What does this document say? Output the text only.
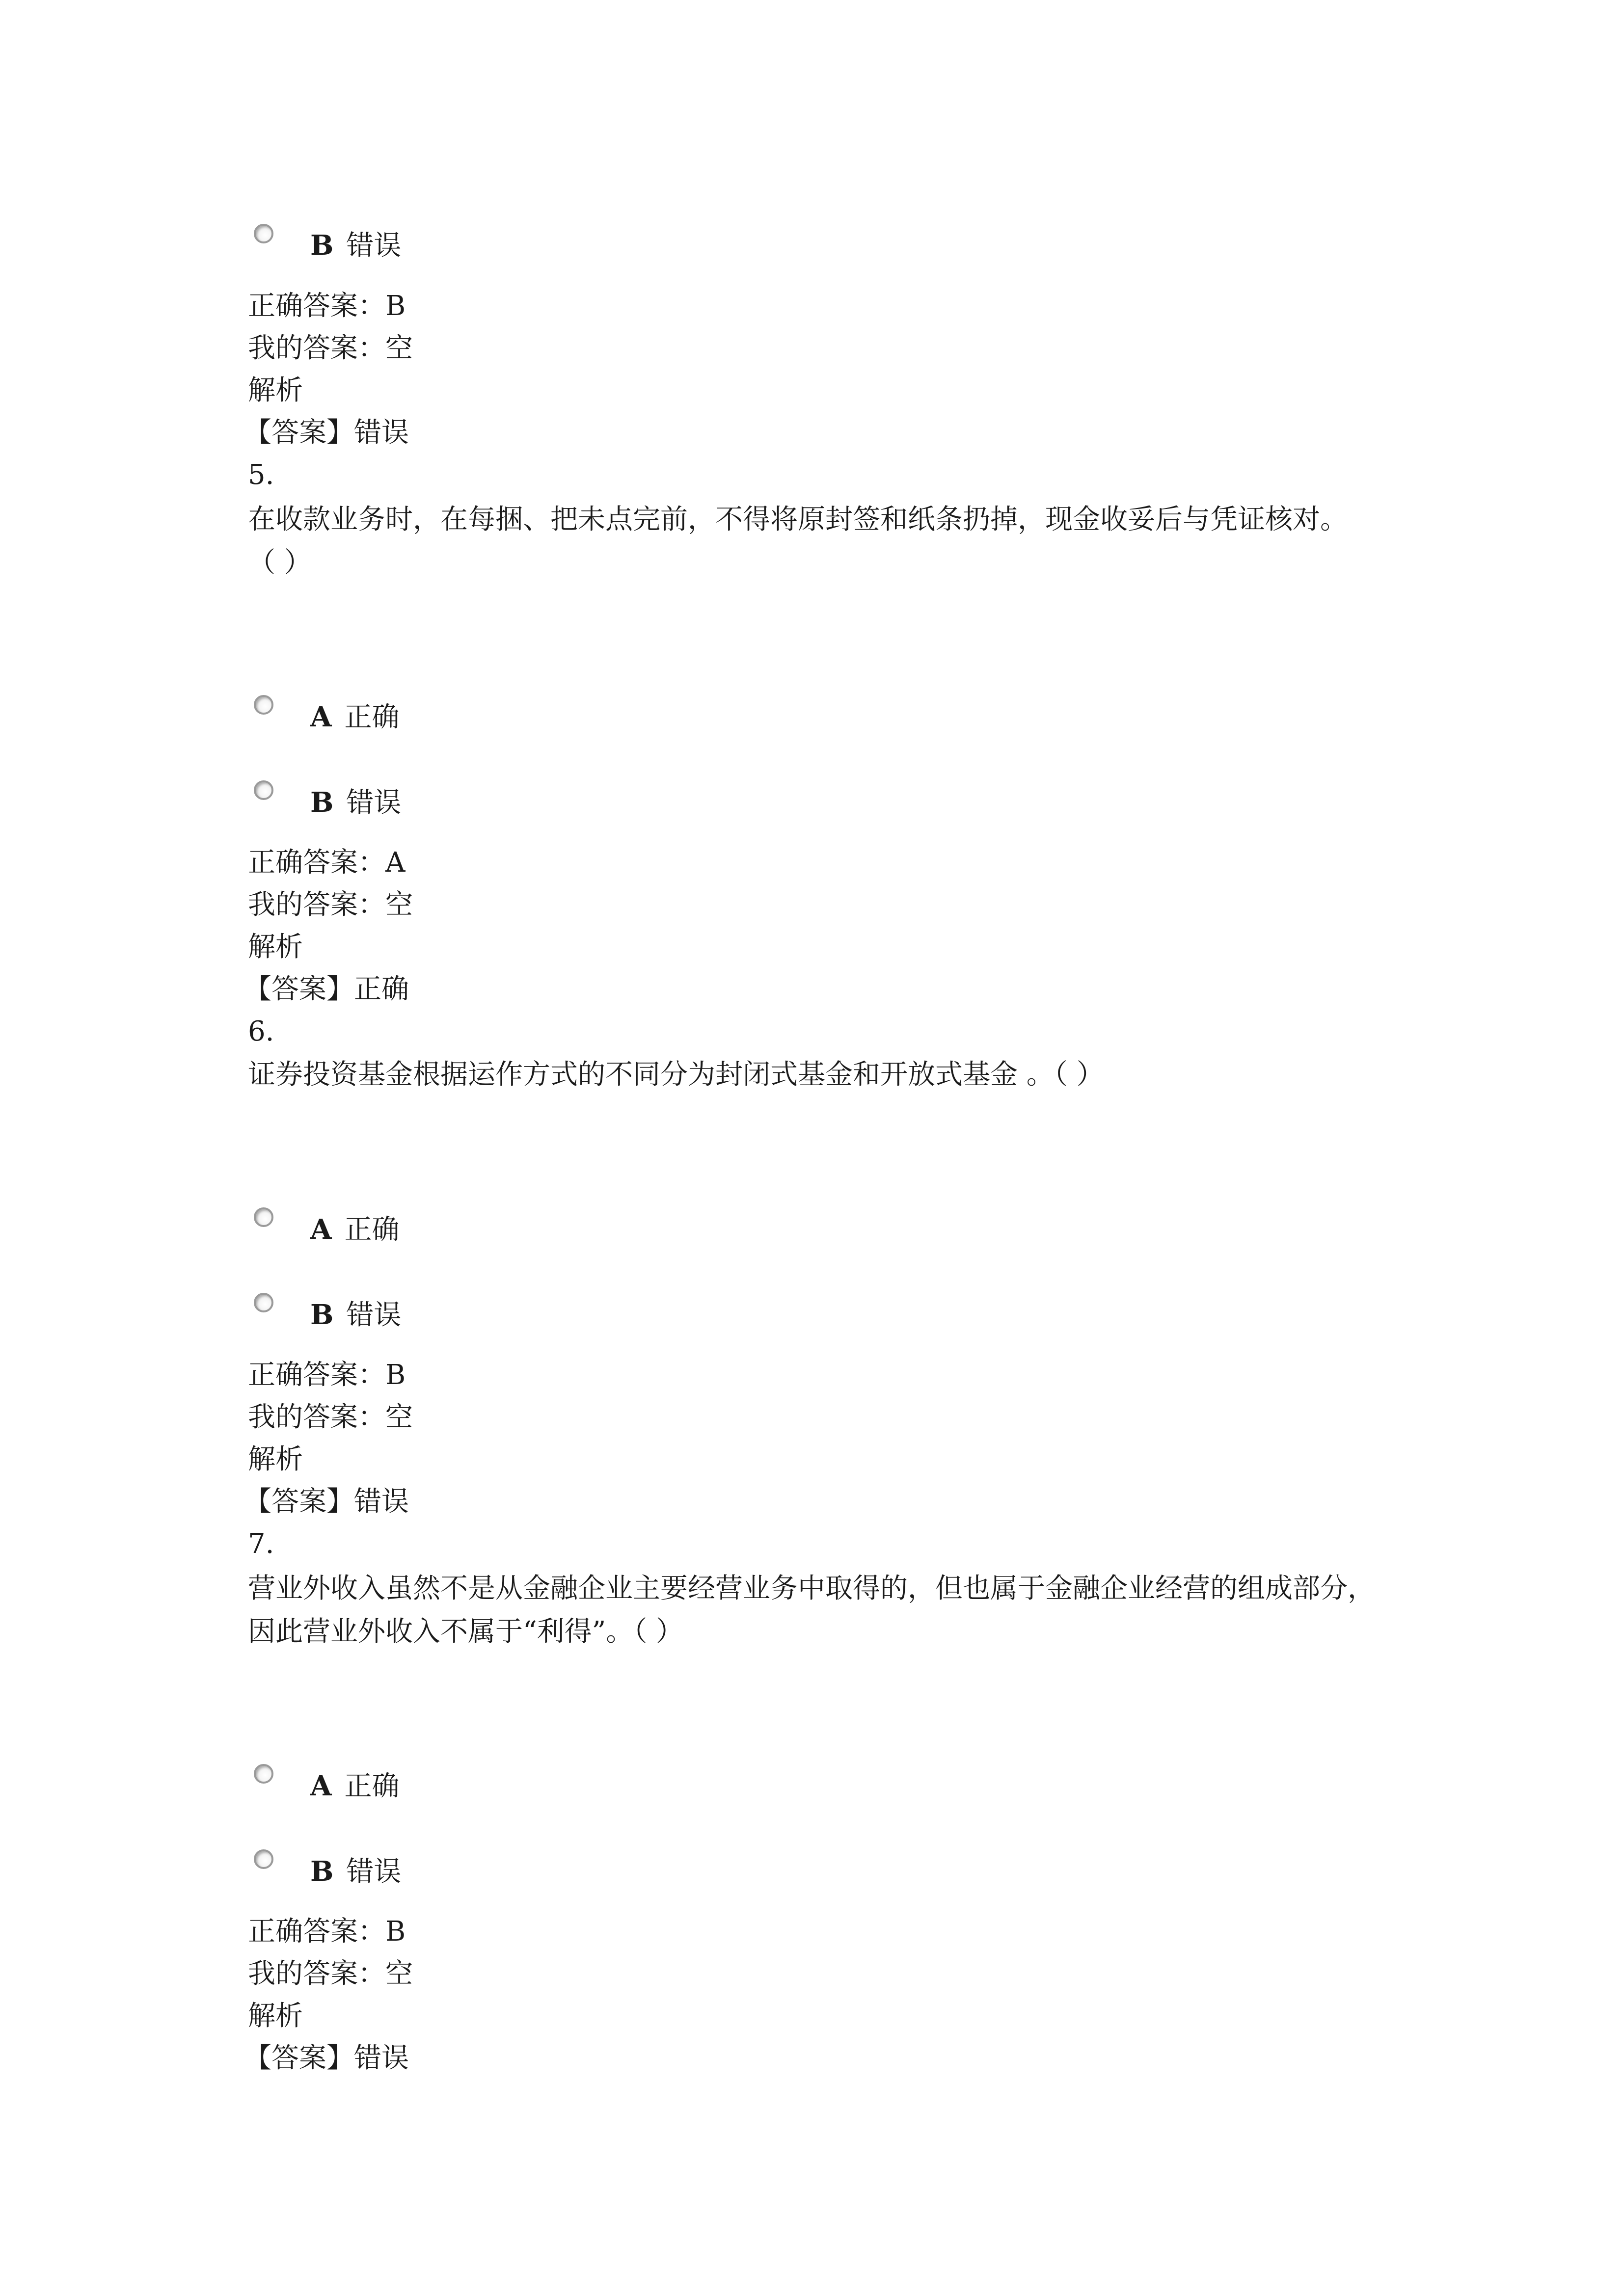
B 错误
正确答案：B
我的答案：空
解析
【答案】错误
5.
在收款业务时，在每捆、把未点完前，不得将原封签和纸条扔掉，现金收妥后与凭证核对。
（ ）
A 正确
B 错误
正确答案：A
我的答案：空
解析
【答案】正确
6.
证券投资基金根据运作方式的不同分为封闭式基金和开放式基金 。（ ）
A 正确
B 错误
正确答案：B
我的答案：空
解析
【答案】错误
7.
营业外收入虽然不是从金融企业主要经营业务中取得的，但也属于金融企业经营的组成部分，
因此营业外收入不属于“利得”。（ ）
A 正确
B 错误
正确答案：B
我的答案：空
解析
【答案】错误
